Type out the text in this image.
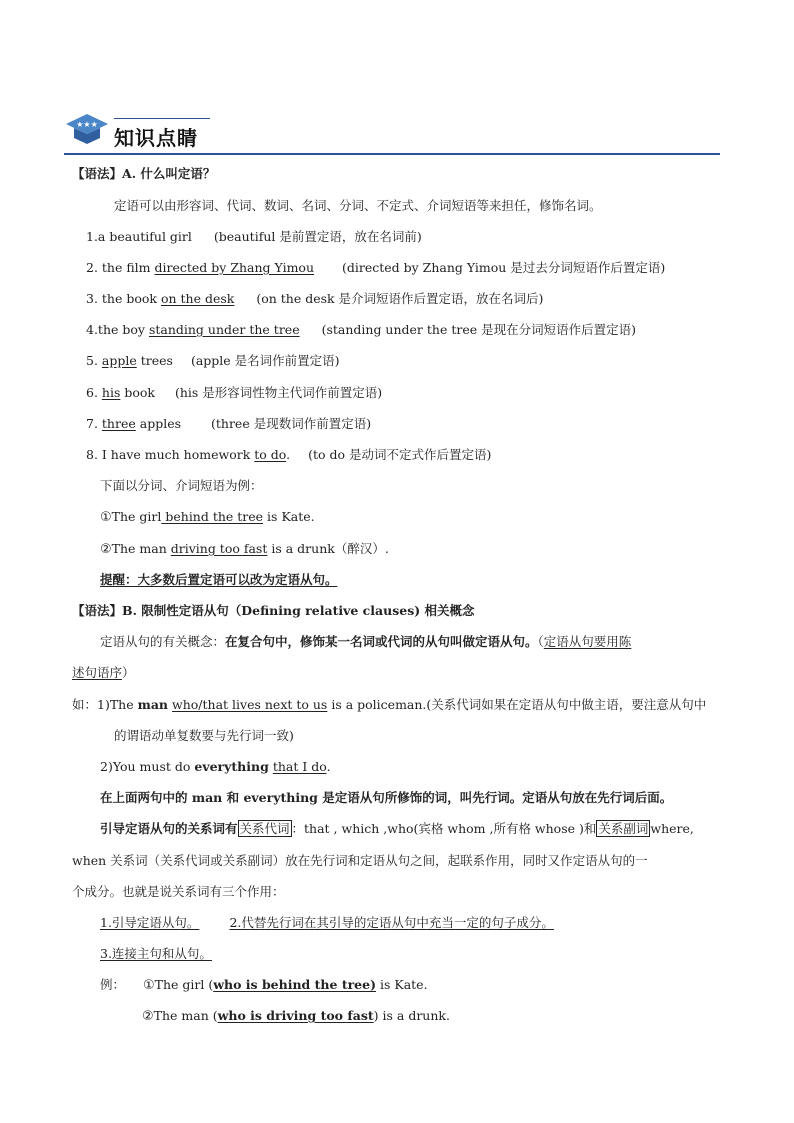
★★★
知识点睛
【语法】A. 什么叫定语？
定语可以由形容词、代词、数词、名词、分词、不定式、介词短语等来担任，修饰名词。
1.a beautiful girl (beautiful 是前置定语，放在名词前)
2. the film directed by Zhang Yimou (directed by Zhang Yimou 是过去分词短语作后置定语)
3. the book on the desk (on the desk 是介词短语作后置定语，放在名词后)
4.the boy standing under the tree (standing under the tree 是现在分词短语作后置定语)
5. apple trees (apple 是名词作前置定语)
6. his book (his 是形容词性物主代词作前置定语)
7. three apples (three 是现数词作前置定语)
8. I have much homework to do. (to do 是动词不定式作后置定语)
下面以分词、介词短语为例：
①The girl behind the tree is Kate.
②The man driving too fast is a drunk（醉汉）.
提醒：大多数后置定语可以改为定语从句。
【语法】B. 限制性定语从句（Defining relative clauses) 相关概念
定语从句的有关概念：在复合句中，修饰某一名词或代词的从句叫做定语从句。（定语从句要用陈
述句语序）
如：1)The man who/that lives next to us is a policeman.(关系代词如果在定语从句中做主语，要注意从句中
的谓语动单复数要与先行词一致)
2)You must do everything that I do.
在上面两句中的 man 和 everything 是定语从句所修饰的词，叫先行词。定语从句放在先行词后面。
引导定语从句的关系词有 关系代词 ：that , which ,who(宾格 whom ,所有格 whose )和 关系副词 where,
when 关系词（关系代词或关系副词）放在先行词和定语从句之间，起联系作用，同时又作定语从句的一
个成分。也就是说关系词有三个作用：
1.引导定语从句。 2.代替先行词在其引导的定语从句中充当一定的句子成分。
3.连接主句和从句。
例： ①The girl (who is behind the tree) is Kate.
②The man (who is driving too fast) is a drunk.
